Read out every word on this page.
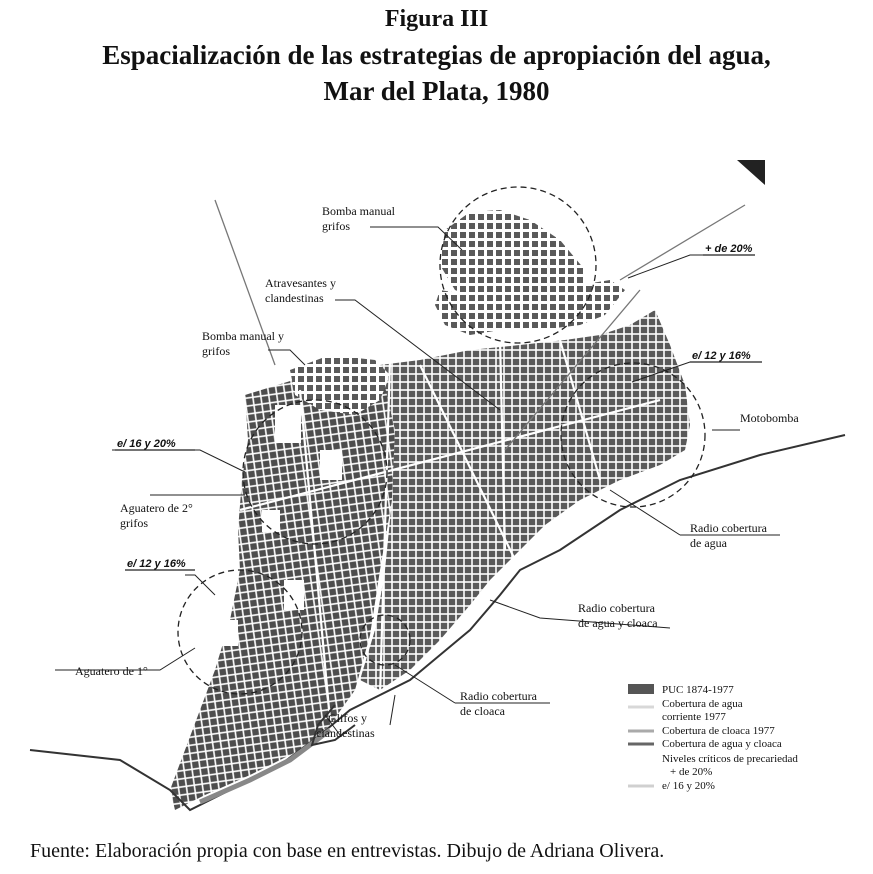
Figura III
Espacialización de las estrategias de apropiación del agua,
Mar del Plata, 1980
Bomba manual
grifos
Atravesantes y
clandestinas
Bomba manual y
grifos
+ de 20%
e/ 12 y 16%
Motobomba
e/ 16 y 20%
Aguatero de 2°
grifos	Radio cobertura
de agua
e/ 12 y 16%
Radio cobertura
de agua y cloaca
Aguatero de 1°
Radio cobertura
de cloaca
Glifos y
clandestinas
PUC 1874-1977
Cobertura de agua
corriente 1977
Cobertura de cloaca 1977
Cobertura de agua y cloaca
Niveles críticos de precariedad
+ de 20%
e/ 16 y 20%
Fuente: Elaboración propia con base en entrevistas. Dibujo de Adriana Olivera.
